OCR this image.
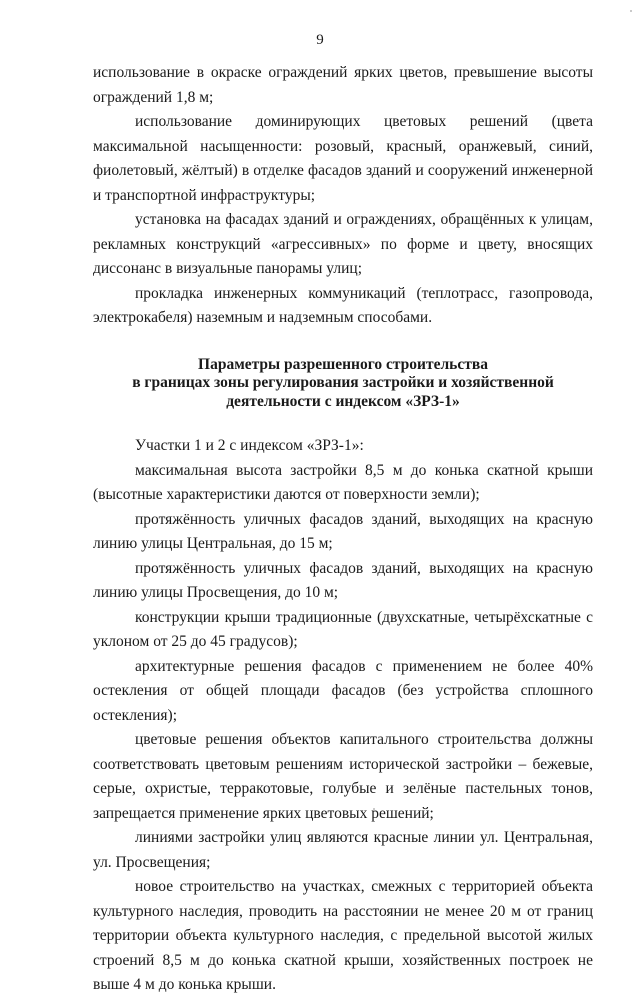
9

использование в окраске ограждений ярких цветов, превышение высоты ограждений 1,8 м;

использование доминирующих цветовых решений (цвета максимальной насыщенности: розовый, красный, оранжевый, синий, фиолетовый, жёлтый) в отделке фасадов зданий и сооружений инженерной и транспортной инфраструктуры;

установка на фасадах зданий и ограждениях, обращённых к улицам, рекламных конструкций «агрессивных» по форме и цвету, вносящих диссонанс в визуальные панорамы улиц;

прокладка инженерных коммуникаций (теплотрасс, газопровода, электрокабеля) наземным и надземным способами.

Параметры разрешенного строительства
в границах зоны регулирования застройки и хозяйственной
деятельности с индексом «ЗРЗ-1»

Участки 1 и 2 с индексом «ЗРЗ-1»:

максимальная высота застройки 8,5 м до конька скатной крыши (высотные характеристики даются от поверхности земли);

протяжённость уличных фасадов зданий, выходящих на красную линию улицы Центральная, до 15 м;

протяжённость уличных фасадов зданий, выходящих на красную линию улицы Просвещения, до 10 м;

конструкции крыши традиционные (двухскатные, четырёхскатные с уклоном от 25 до 45 градусов);

архитектурные решения фасадов с применением не более 40% остекления от общей площади фасадов (без устройства сплошного остекления);

цветовые решения объектов капитального строительства должны соответствовать цветовым решениям исторической застройки – бежевые, серые, охристые, терракотовые, голубые и зелёные пастельных тонов, запрещается применение ярких цветовых решений;

линиями застройки улиц являются красные линии ул. Центральная, ул. Просвещения;

новое строительство на участках, смежных с территорией объекта культурного наследия, проводить на расстоянии не менее 20 м от границ территории объекта культурного наследия, с предельной высотой жилых строений 8,5 м до конька скатной крыши, хозяйственных построек не выше 4 м до конька крыши.
